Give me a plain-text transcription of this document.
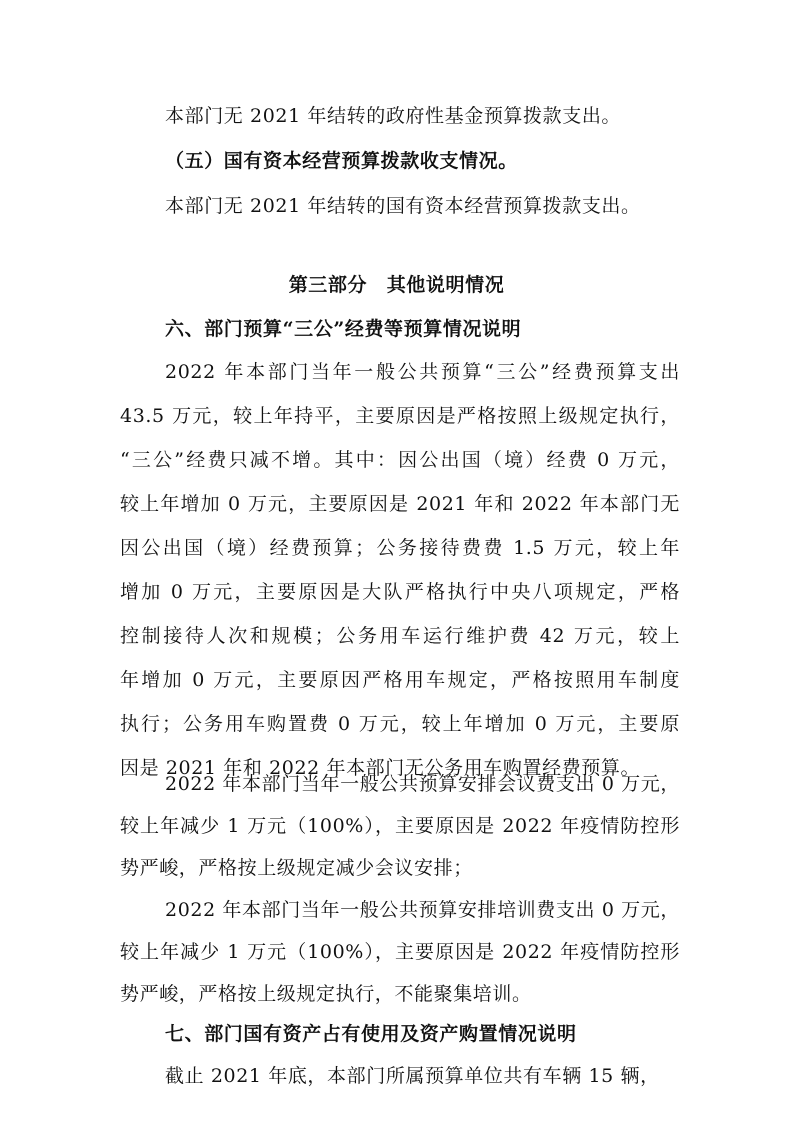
本部门无 2021 年结转的政府性基金预算拨款支出。
（五）国有资本经营预算拨款收支情况。
本部门无 2021 年结转的国有资本经营预算拨款支出。
第三部分　其他说明情况
六、部门预算“三公”经费等预算情况说明
2022 年本部门当年一般公共预算“三公”经费预算支出
43.5 万元，较上年持平，主要原因是严格按照上级规定执行，
“三公”经费只减不增。其中：因公出国（境）经费 0 万元，
较上年增加 0 万元，主要原因是 2021 年和 2022 年本部门无
因公出国（境）经费预算；公务接待费费 1.5 万元，较上年
增加 0 万元，主要原因是大队严格执行中央八项规定，严格
控制接待人次和规模；公务用车运行维护费 42 万元，较上
年增加 0 万元，主要原因严格用车规定，严格按照用车制度
执行；公务用车购置费 0 万元，较上年增加 0 万元，主要原
因是 2021 年和 2022 年本部门无公务用车购置经费预算。
2022 年本部门当年一般公共预算安排会议费支出 0 万元，
较上年减少 1 万元（100%），主要原因是 2022 年疫情防控形
势严峻，严格按上级规定减少会议安排；
2022 年本部门当年一般公共预算安排培训费支出 0 万元，
较上年减少 1 万元（100%），主要原因是 2022 年疫情防控形
势严峻，严格按上级规定执行，不能聚集培训。
七、部门国有资产占有使用及资产购置情况说明
截止 2021 年底，本部门所属预算单位共有车辆 15 辆，
